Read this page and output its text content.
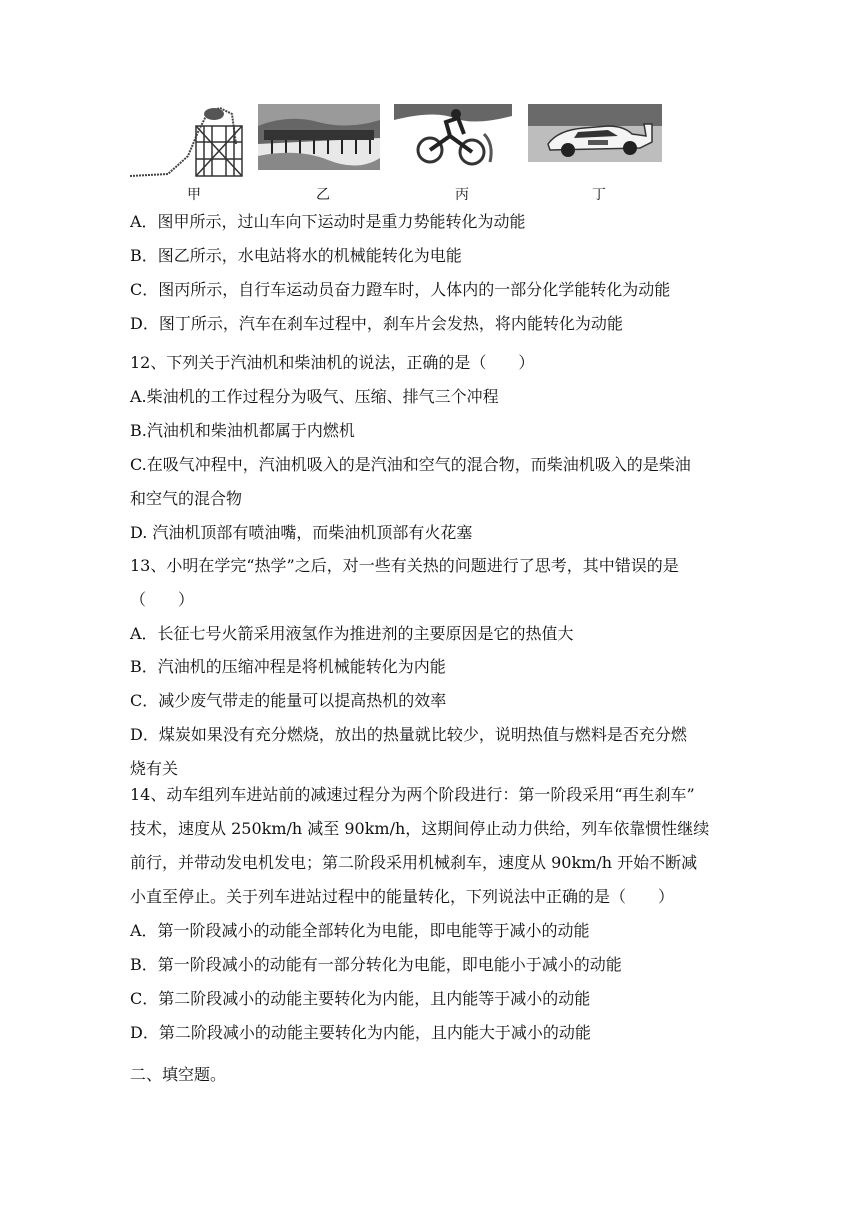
甲	乙	丙	丁
A．图甲所示，过山车向下运动时是重力势能转化为动能
B．图乙所示，水电站将水的机械能转化为电能
C．图丙所示，自行车运动员奋力蹬车时，人体内的一部分化学能转化为动能
D．图丁所示，汽车在刹车过程中，刹车片会发热，将内能转化为动能
12、下列关于汽油机和柴油机的说法，正确的是（　　）
A.柴油机的工作过程分为吸气、压缩、排气三个冲程
B.汽油机和柴油机都属于内燃机
C.在吸气冲程中，汽油机吸入的是汽油和空气的混合物，而柴油机吸入的是柴油
和空气的混合物
D. 汽油机顶部有喷油嘴，而柴油机顶部有火花塞
13、小明在学完“热学”之后，对一些有关热的问题进行了思考，其中错误的是
（　　）
A．长征七号火箭采用液氢作为推进剂的主要原因是它的热值大
B．汽油机的压缩冲程是将机械能转化为内能
C．减少废气带走的能量可以提高热机的效率
D．煤炭如果没有充分燃烧，放出的热量就比较少，说明热值与燃料是否充分燃
烧有关
14、动车组列车进站前的减速过程分为两个阶段进行：第一阶段采用“再生刹车”
技术，速度从 250km/h 减至 90km/h，这期间停止动力供给，列车依靠惯性继续
前行，并带动发电机发电；第二阶段采用机械刹车，速度从 90km/h 开始不断减
小直至停止。关于列车进站过程中的能量转化，下列说法中正确的是（　　）
A．第一阶段减小的动能全部转化为电能，即电能等于减小的动能
B．第一阶段减小的动能有一部分转化为电能，即电能小于减小的动能
C．第二阶段减小的动能主要转化为内能，且内能等于减小的动能
D．第二阶段减小的动能主要转化为内能，且内能大于减小的动能
二、填空题。
